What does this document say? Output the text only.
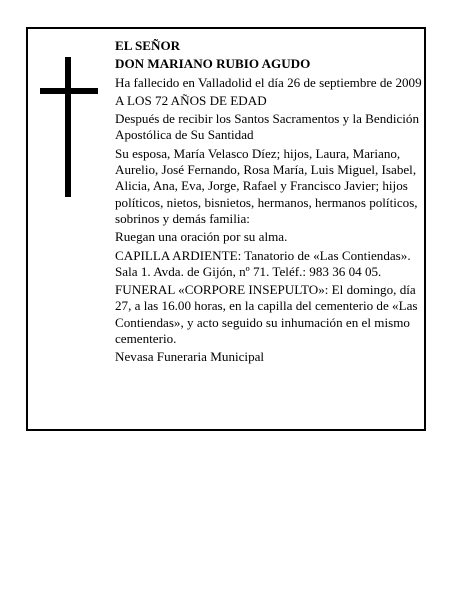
EL SEÑOR

DON MARIANO RUBIO AGUDO

Ha fallecido en Valladolid el día 26 de septiembre de 2009

A LOS 72 AÑOS DE EDAD

Después de recibir los Santos Sacramentos y la Bendición Apostólica de Su Santidad

Su esposa, María Velasco Díez; hijos, Laura, Mariano, Aurelio, José Fernando, Rosa María, Luis Miguel, Isabel, Alicia, Ana, Eva, Jorge, Rafael y Francisco Javier; hijos políticos, nietos, bisnietos, hermanos, hermanos políticos, sobrinos y demás familia:

Ruegan una oración por su alma.

CAPILLA ARDIENTE: Tanatorio de «Las Contiendas». Sala 1. Avda. de Gijón, nº 71. Teléf.: 983 36 04 05.

FUNERAL «CORPORE INSEPULTO»: El domingo, día 27, a las 16.00 horas, en la capilla del cementerio de «Las Contiendas», y acto seguido su inhumación en el mismo cementerio.

Nevasa Funeraria Municipal
